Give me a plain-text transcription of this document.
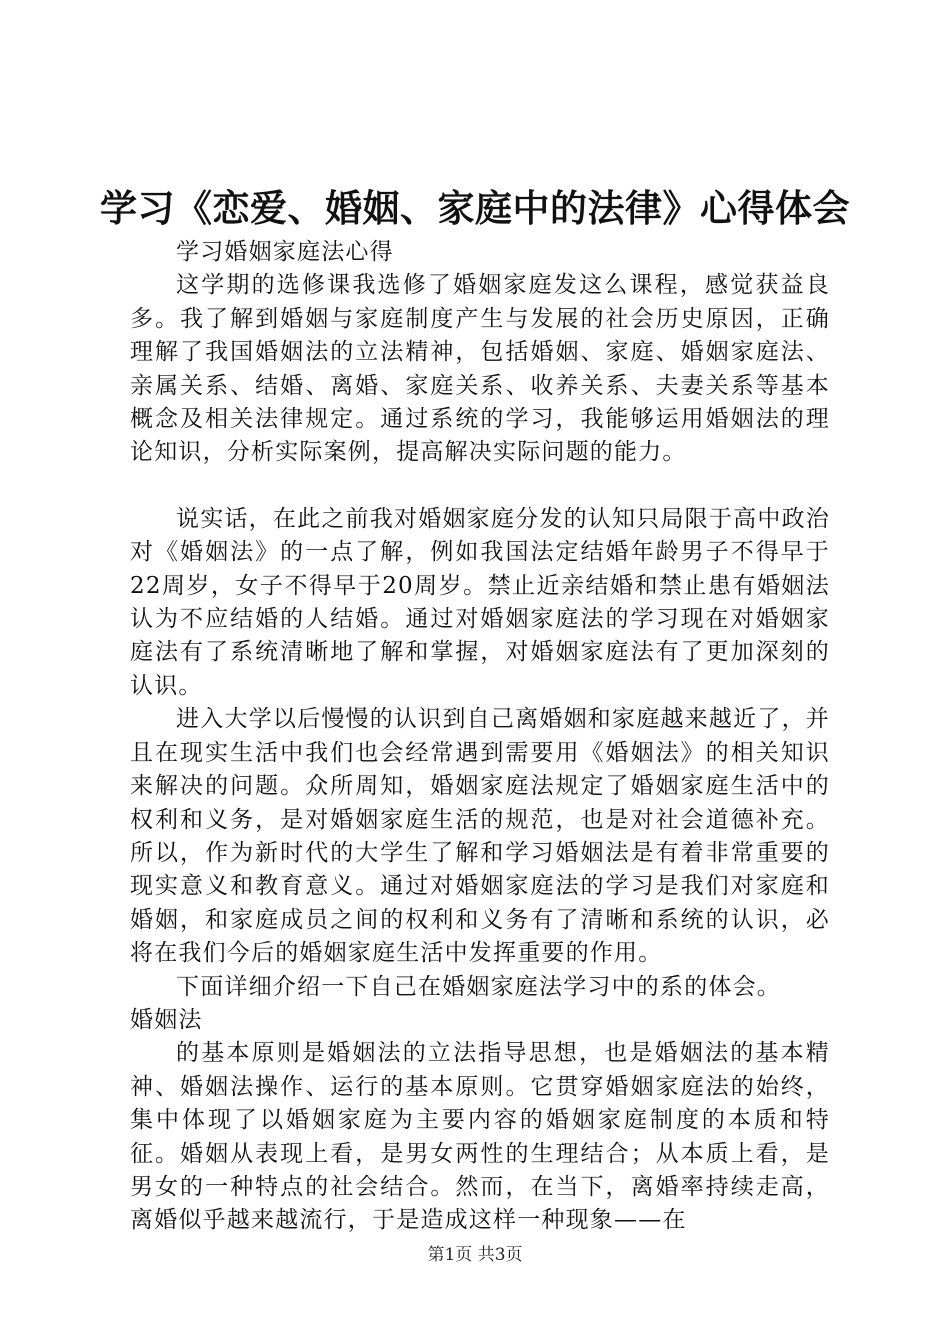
学习《恋爱、婚姻、家庭中的法律》心得体会

学习婚姻家庭法心得

这学期的选修课我选修了婚姻家庭发这么课程，感觉获益良多。我了解到婚姻与家庭制度产生与发展的社会历史原因，正确理解了我国婚姻法的立法精神，包括婚姻、家庭、婚姻家庭法、亲属关系、结婚、离婚、家庭关系、收养关系、夫妻关系等基本概念及相关法律规定。通过系统的学习，我能够运用婚姻法的理论知识，分析实际案例，提高解决实际问题的能力。

说实话，在此之前我对婚姻家庭分发的认知只局限于高中政治对《婚姻法》的一点了解，例如我国法定结婚年龄男子不得早于22周岁，女子不得早于20周岁。禁止近亲结婚和禁止患有婚姻法认为不应结婚的人结婚。通过对婚姻家庭法的学习现在对婚姻家庭法有了系统清晰地了解和掌握，对婚姻家庭法有了更加深刻的认识。

进入大学以后慢慢的认识到自己离婚姻和家庭越来越近了，并且在现实生活中我们也会经常遇到需要用《婚姻法》的相关知识来解决的问题。众所周知，婚姻家庭法规定了婚姻家庭生活中的权利和义务，是对婚姻家庭生活的规范，也是对社会道德补充。所以，作为新时代的大学生了解和学习婚姻法是有着非常重要的现实意义和教育意义。通过对婚姻家庭法的学习是我们对家庭和婚姻，和家庭成员之间的权利和义务有了清晰和系统的认识，必将在我们今后的婚姻家庭生活中发挥重要的作用。

下面详细介绍一下自己在婚姻家庭法学习中的系的体会。

婚姻法

的基本原则是婚姻法的立法指导思想，也是婚姻法的基本精神、婚姻法操作、运行的基本原则。它贯穿婚姻家庭法的始终，集中体现了以婚姻家庭为主要内容的婚姻家庭制度的本质和特征。婚姻从表现上看，是男女两性的生理结合；从本质上看，是男女的一种特点的社会结合。然而，在当下，离婚率持续走高，离婚似乎越来越流行，于是造成这样一种现象——在

第1页 共3页
